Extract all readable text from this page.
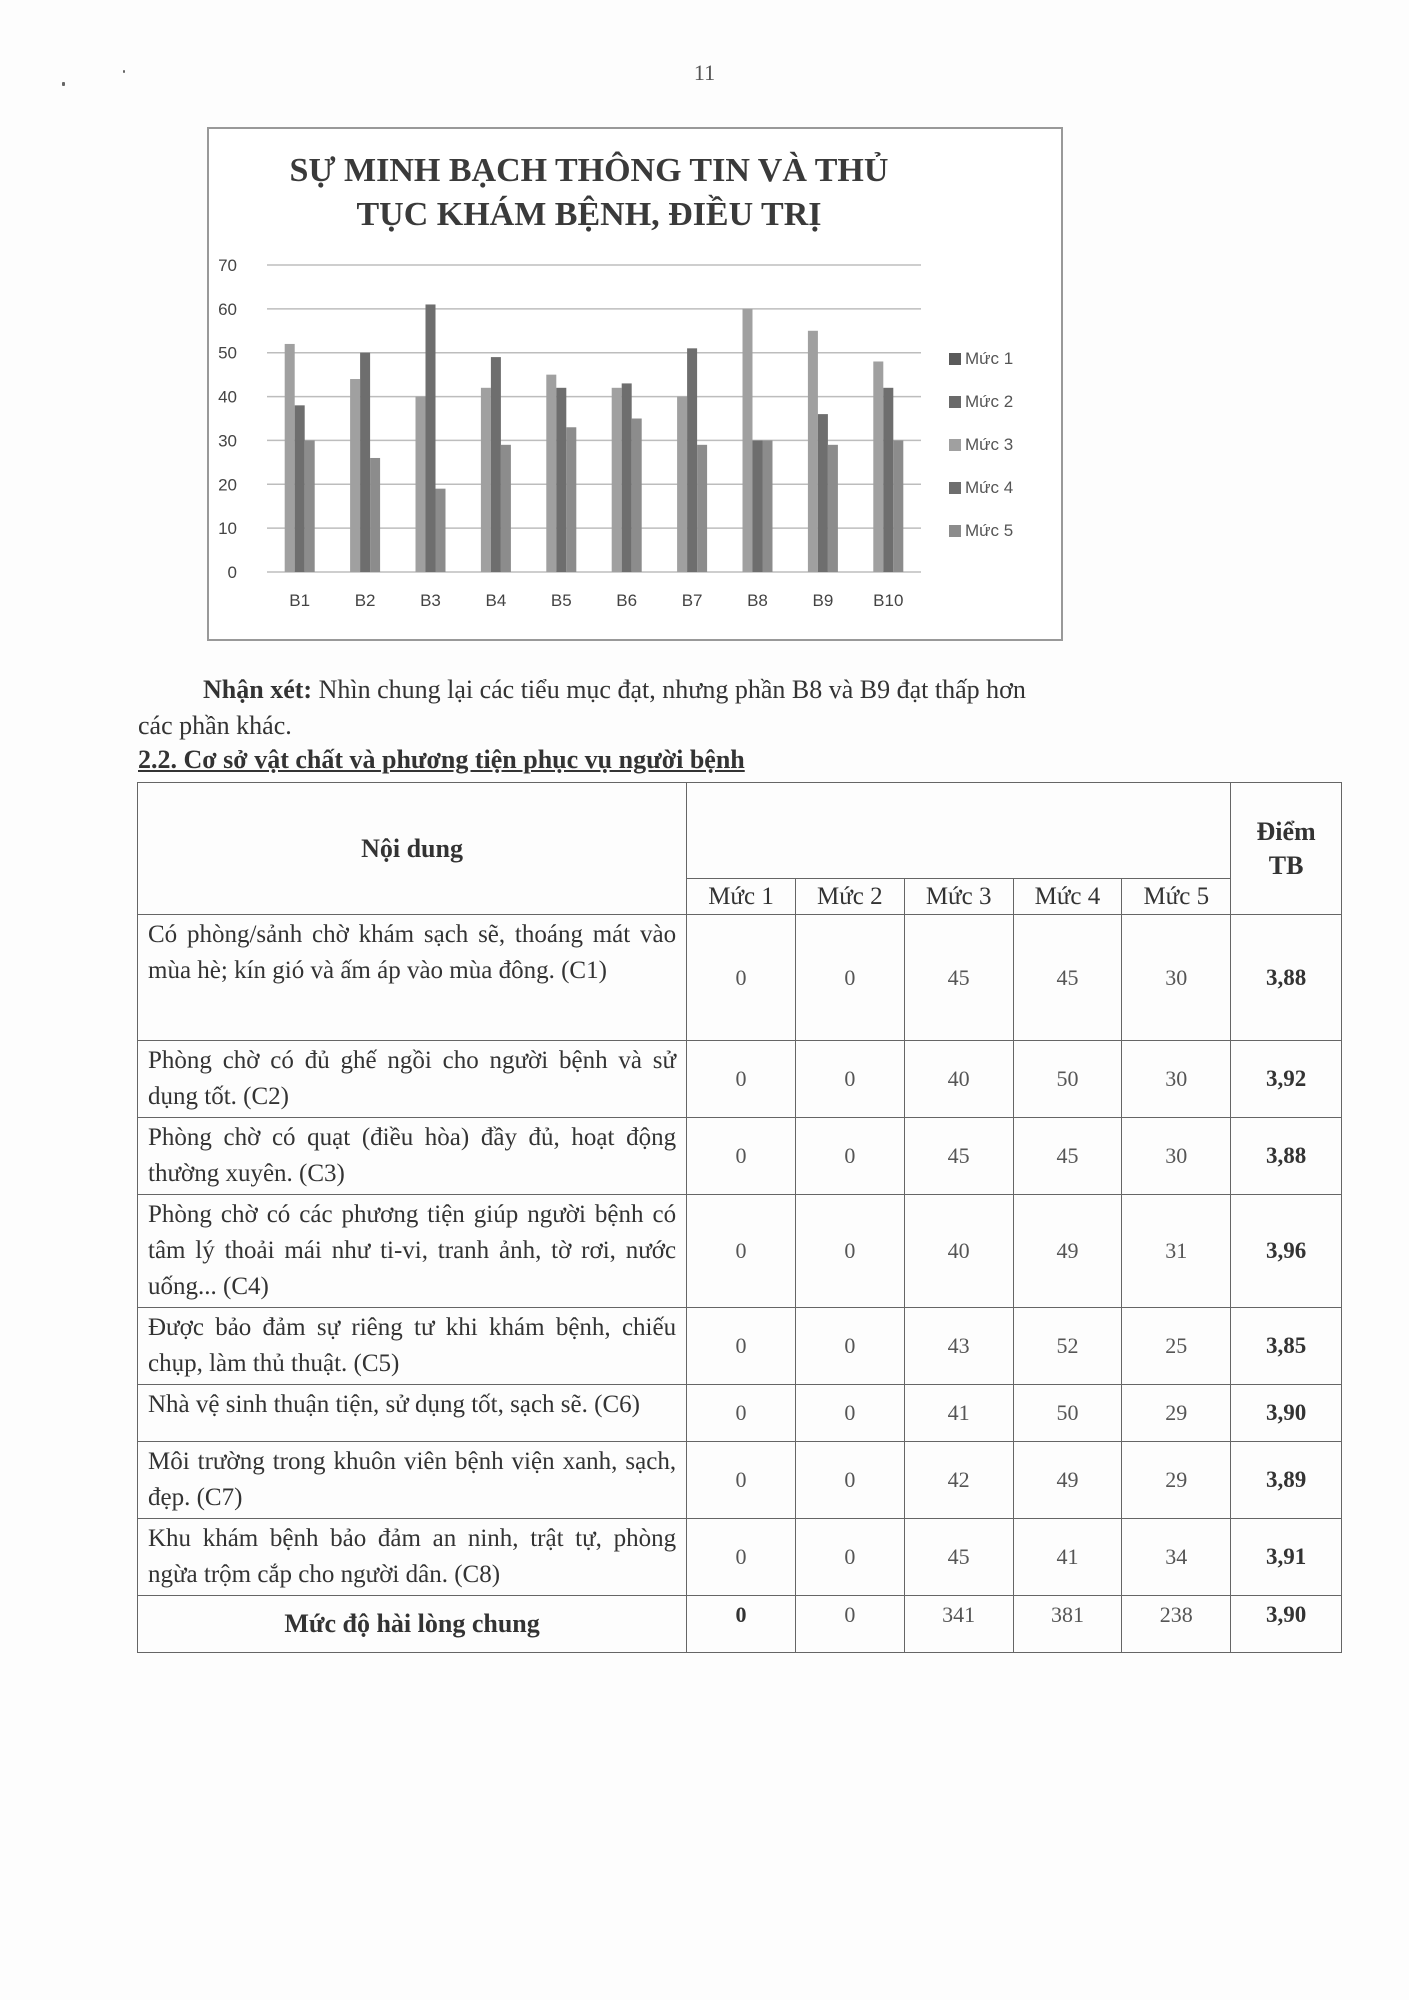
11
SỰ MINH BẠCH THÔNG TIN VÀ THỦ
TỤC KHÁM BỆNH, ĐIỀU TRỊ
0
10
20
30
40
50
60
70
B1	B2	B3	B4	B5	B6	B7	B8	B9 B10
Mức 1
Mức 2
Mức 3
Mức 4
Mức 5
Nhận xét: Nhìn chung lại các tiểu mục đạt, nhưng phần B8 và B9 đạt thấp hơn
các phần khác.
2.2. Cơ sở vật chất và phương tiện phục vụ người bệnh
Nội dung						Điểm TB
	Mức 1	Mức 2	Mức 3	Mức 4	Mức 5	
Có phòng/sảnh chờ khám sạch sẽ, thoáng mát vào mùa hè; kín gió và ấm áp vào mùa đông. (C1)	0	0	45	45	30	3,88
Phòng chờ có đủ ghế ngồi cho người bệnh và sử dụng tốt. (C2)	0	0	40	50	30	3,92
Phòng chờ có quạt (điều hòa) đầy đủ, hoạt động thường xuyên. (C3)	0	0	45	45	30	3,88
Phòng chờ có các phương tiện giúp người bệnh có tâm lý thoải mái như ti-vi, tranh ảnh, tờ rơi, nước uống... (C4)	0	0	40	49	31	3,96
Được bảo đảm sự riêng tư khi khám bệnh, chiếu chụp, làm thủ thuật. (C5)	0	0	43	52	25	3,85
Nhà vệ sinh thuận tiện, sử dụng tốt, sạch sẽ. (C6)	0	0	41	50	29	3,90
Môi trường trong khuôn viên bệnh viện xanh, sạch, đẹp. (C7)	0	0	42	49	29	3,89
Khu khám bệnh bảo đảm an ninh, trật tự, phòng ngừa trộm cắp cho người dân. (C8)	0	0	45	41	34	3,91
Mức độ hài lòng chung	0	0	341	381	238	3,90
